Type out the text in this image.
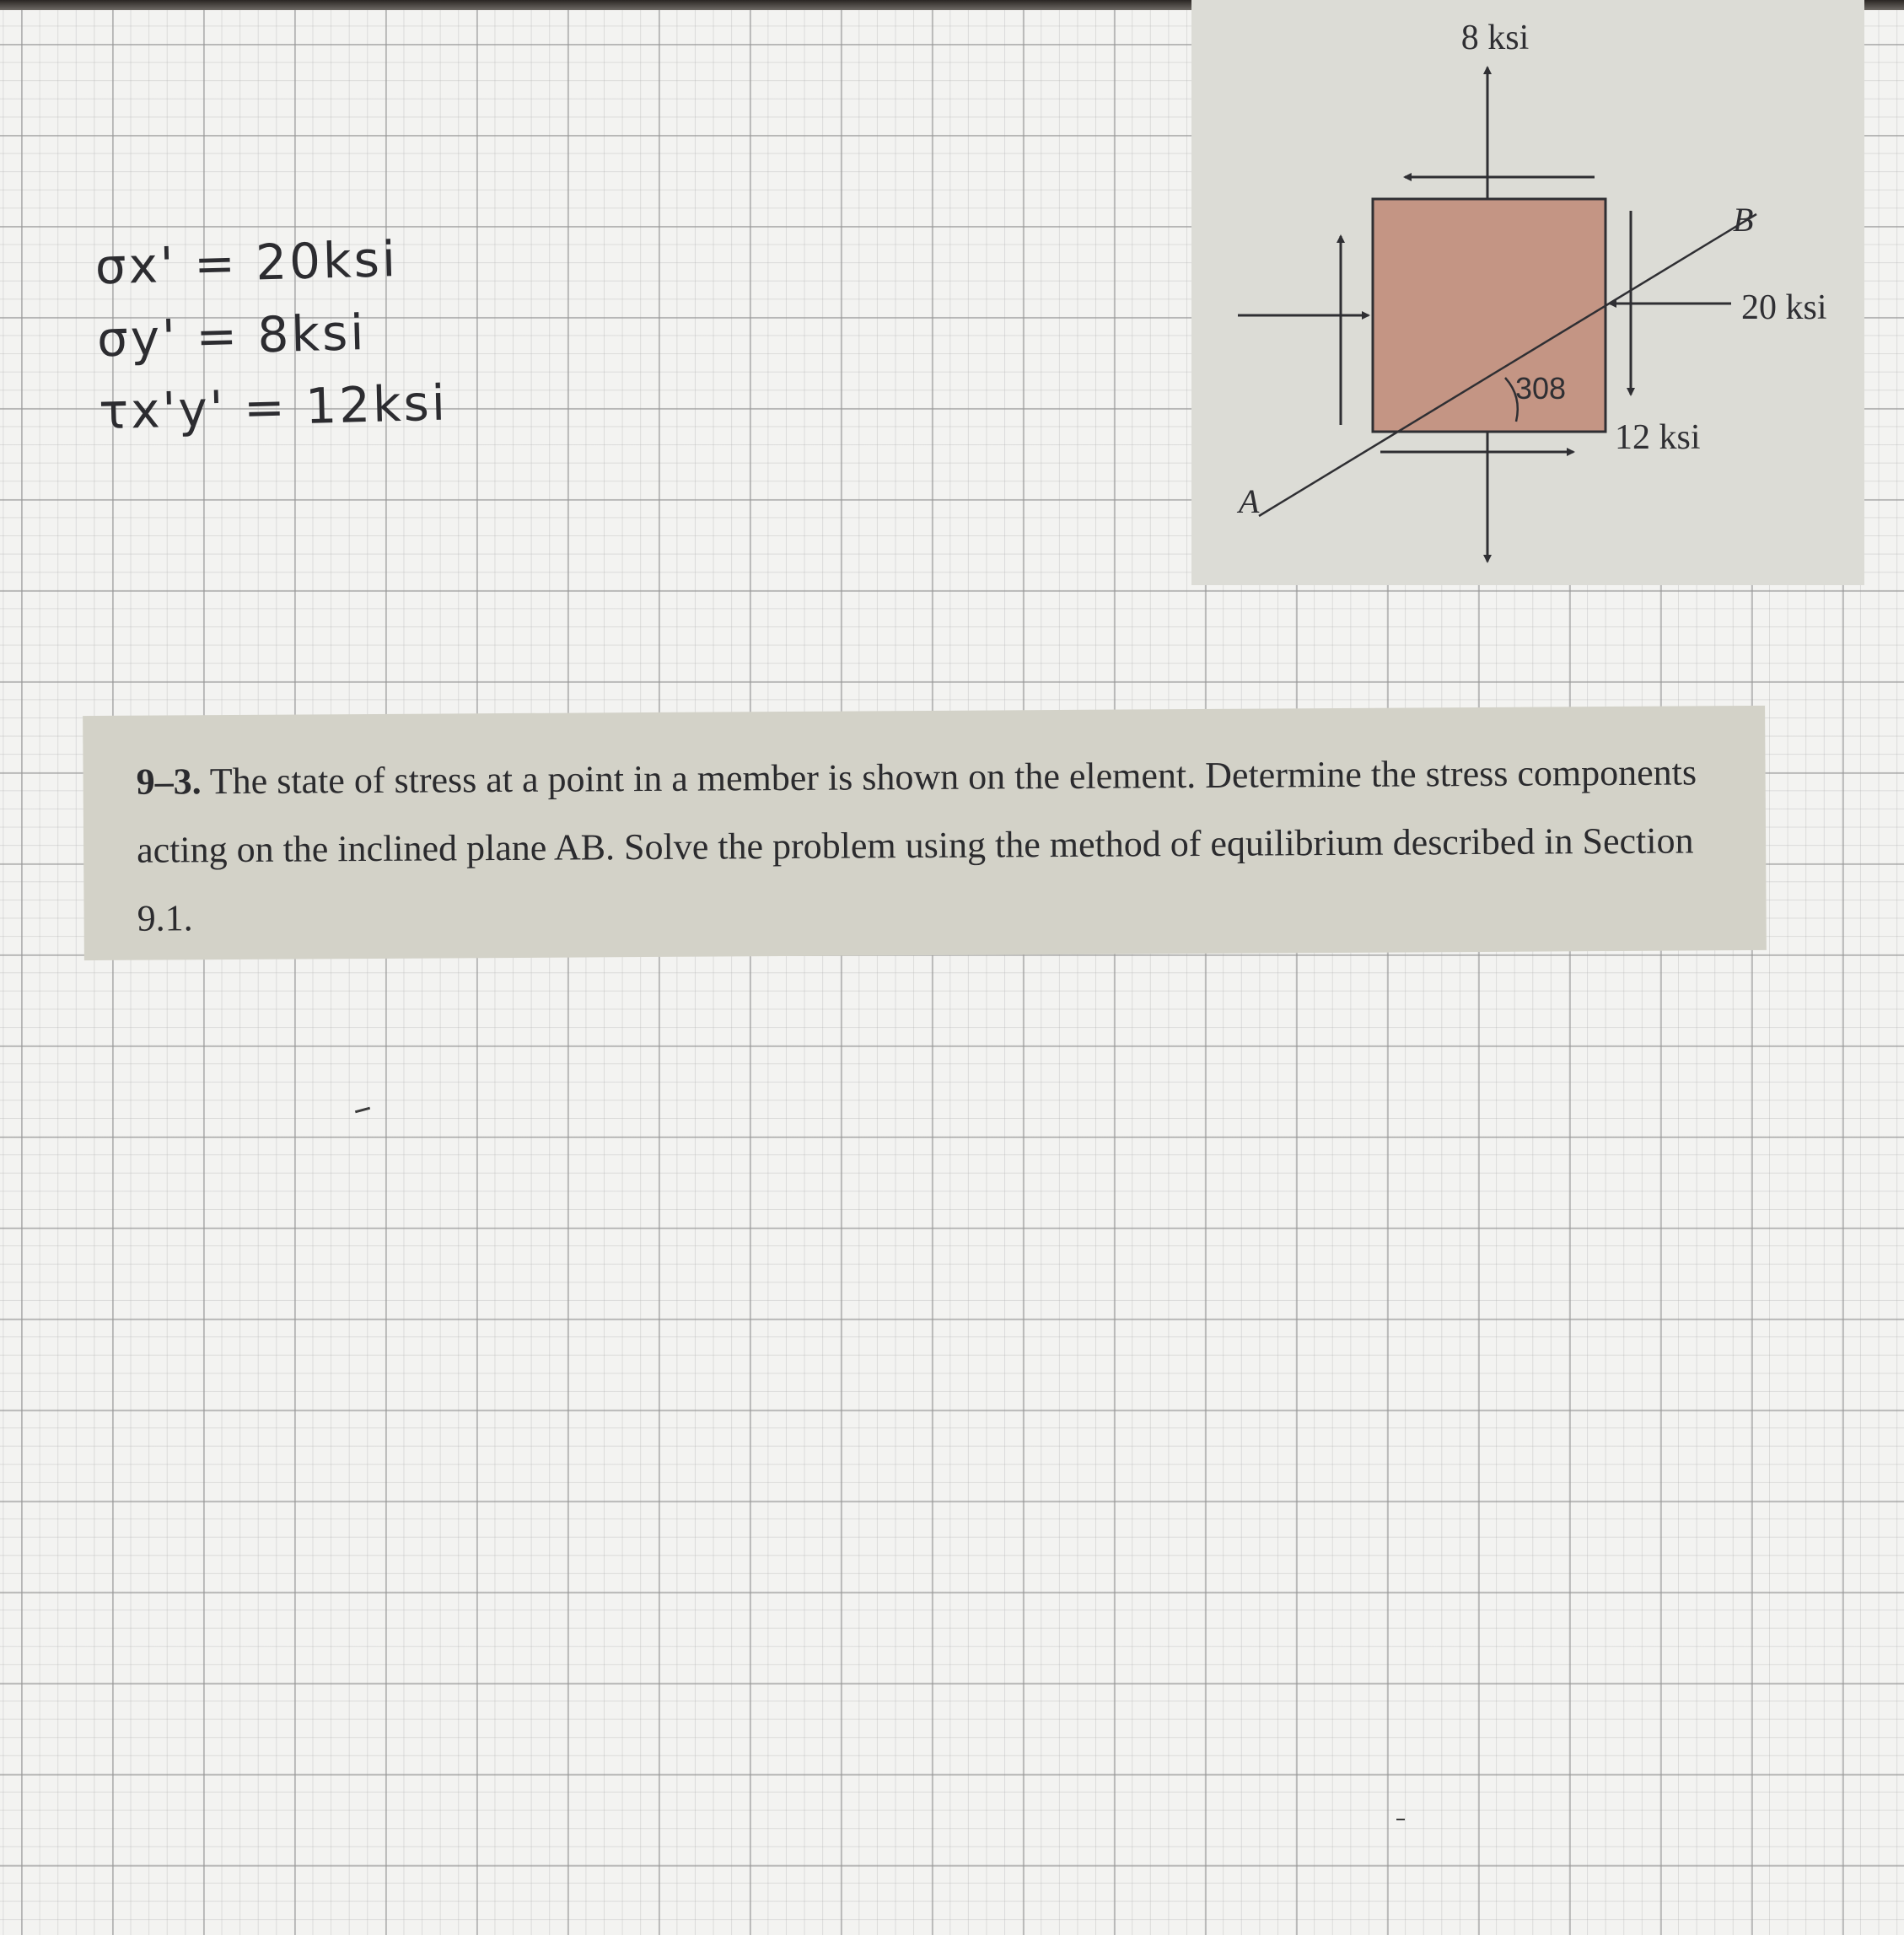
σx' = 20ksi
σy' = 8ksi
τx'y' = 12ksi
8 ksi
20 ksi
12 ksi
308
A
B

9–3. The state of stress at a point in a member is shown on the element. Determine the stress components acting on the inclined plane AB. Solve the problem using the method of equilibrium described in Section 9.1.
